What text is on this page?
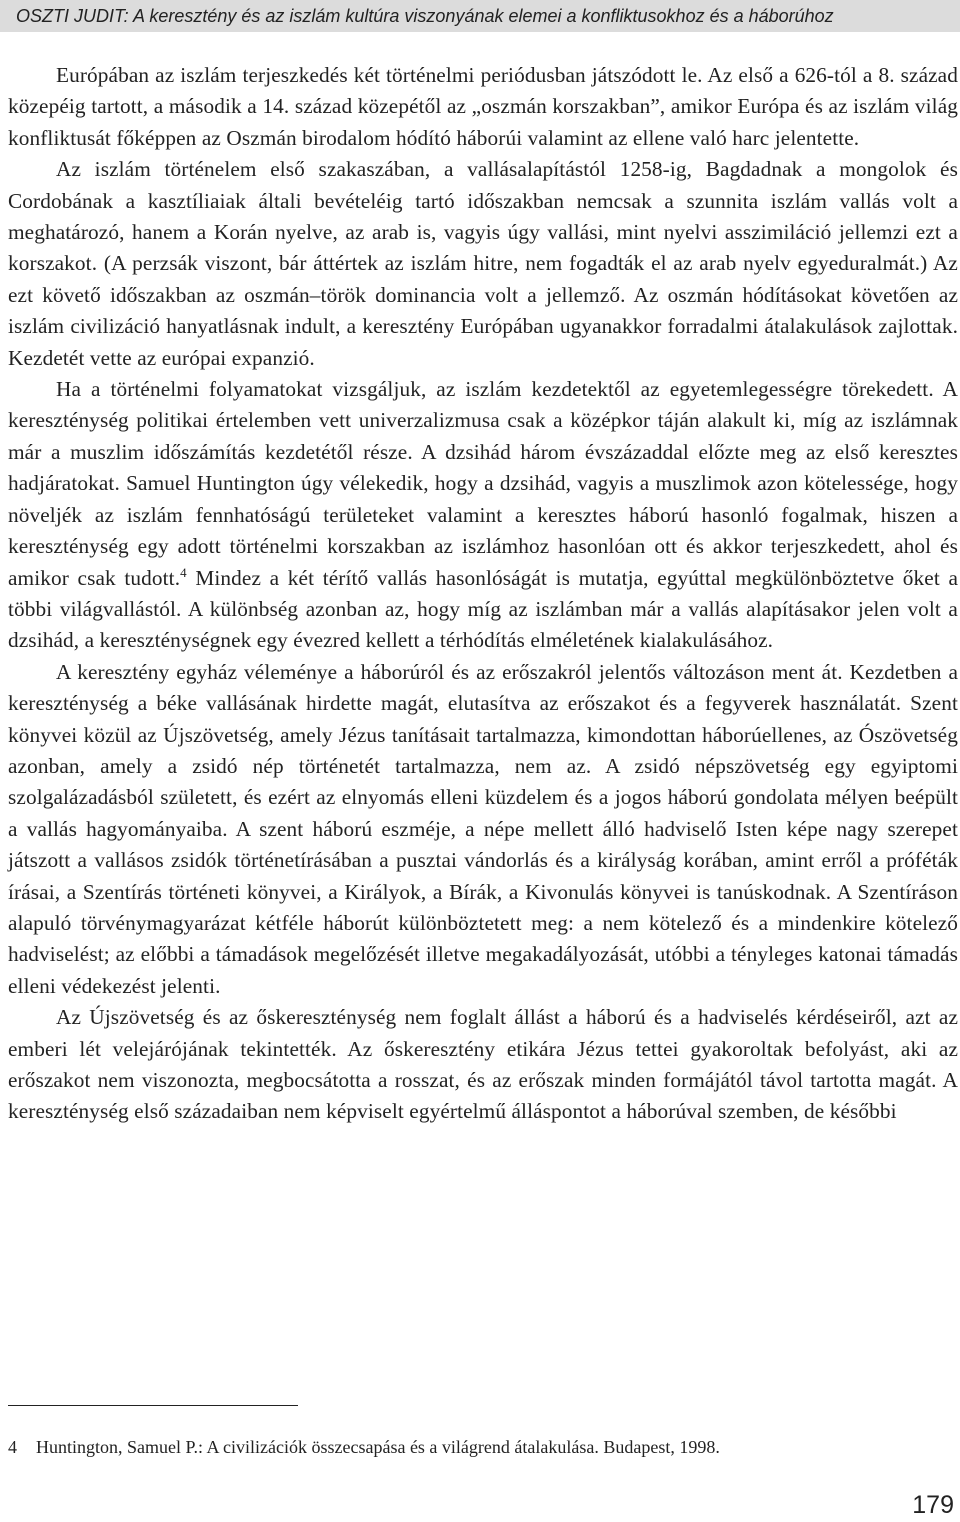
OSZTI JUDIT: A keresztény és az iszlám kultúra viszonyának elemei a konfliktusokhoz és a háborúhoz

Európában az iszlám terjeszkedés két történelmi periódusban játszódott le. Az első a 626-tól a 8. század közepéig tartott, a második a 14. század közepétől az „oszmán korszakban”, amikor Európa és az iszlám világ konfliktusát főképpen az Oszmán birodalom hódító háborúi valamint az ellene való harc jelentette.

Az iszlám történelem első szakaszában, a vallásalapítástól 1258-ig, Bagdadnak a mongolok és Cordobának a kasztíliaiak általi bevételéig tartó időszakban nemcsak a szunnita iszlám vallás volt a meghatározó, hanem a Korán nyelve, az arab is, vagyis úgy vallási, mint nyelvi asszimiláció jellemzi ezt a korszakot. (A perzsák viszont, bár áttértek az iszlám hitre, nem fogadták el az arab nyelv egyeduralmát.) Az ezt követő időszakban az oszmán–török dominancia volt a jellemző. Az oszmán hódításokat követően az iszlám civilizáció hanyatlásnak indult, a keresztény Európában ugyanakkor forradalmi átalakulások zajlottak. Kezdetét vette az európai expanzió.

Ha a történelmi folyamatokat vizsgáljuk, az iszlám kezdetektől az egyetemlegességre törekedett. A kereszténység politikai értelemben vett univerzalizmusa csak a középkor táján alakult ki, míg az iszlámnak már a muszlim időszámítás kezdetétől része. A dzsihád három évszázaddal előzte meg az első keresztes hadjáratokat. Samuel Huntington úgy vélekedik, hogy a dzsihád, vagyis a muszlimok azon kötelessége, hogy növeljék az iszlám fennhatóságú területeket valamint a keresztes háború hasonló fogalmak, hiszen a kereszténység egy adott történelmi korszakban az iszlámhoz hasonlóan ott és akkor terjeszkedett, ahol és amikor csak tudott.$^4$ Mindez a két térítő vallás hasonlóságát is mutatja, egyúttal megkülönböztetve őket a többi világvallástól. A különbség azonban az, hogy míg az iszlámban már a vallás alapításakor jelen volt a dzsihád, a kereszténységnek egy évezred kellett a térhódítás elméletének kialakulásához.

A keresztény egyház véleménye a háborúról és az erőszakról jelentős változáson ment át. Kezdetben a kereszténység a béke vallásának hirdette magát, elutasítva az erőszakot és a fegyverek használatát. Szent könyvei közül az Újszövetség, amely Jézus tanításait tartalmazza, kimondottan háborúellenes, az Ószövetség azonban, amely a zsidó nép történetét tartalmazza, nem az. A zsidó népszövetség egy egyiptomi szolgalázadásból született, és ezért az elnyomás elleni küzdelem és a jogos háború gondolata mélyen beépült a vallás hagyományaiba. A szent háború eszméje, a népe mellett álló hadviselő Isten képe nagy szerepet játszott a vallásos zsidók történetírásában a pusztai vándorlás és a királyság korában, amint erről a próféták írásai, a Szentírás történeti könyvei, a Királyok, a Bírák, a Kivonulás könyvei is tanúskodnak. A Szentíráson alapuló törvénymagyarázat kétféle háborút különböztetett meg: a nem kötelező és a mindenkire kötelező hadviselést; az előbbi a támadások megelőzését illetve megakadályozását, utóbbi a tényleges katonai támadás elleni védekezést jelenti.

Az Újszövetség és az őskereszténység nem foglalt állást a háború és a hadviselés kérdéseiről, azt az emberi lét velejárójának tekintették. Az őskeresztény etikára Jézus tettei gyakoroltak befolyást, aki az erőszakot nem viszonozta, megbocsátotta a rosszat, és az erőszak minden formájától távol tartotta magát. A kereszténység első századaiban nem képviselt egyértelmű álláspontot a háborúval szemben, de későbbi

4 Huntington, Samuel P.: A civilizációk összecsapása és a világrend átalakulása. Budapest, 1998.
179
